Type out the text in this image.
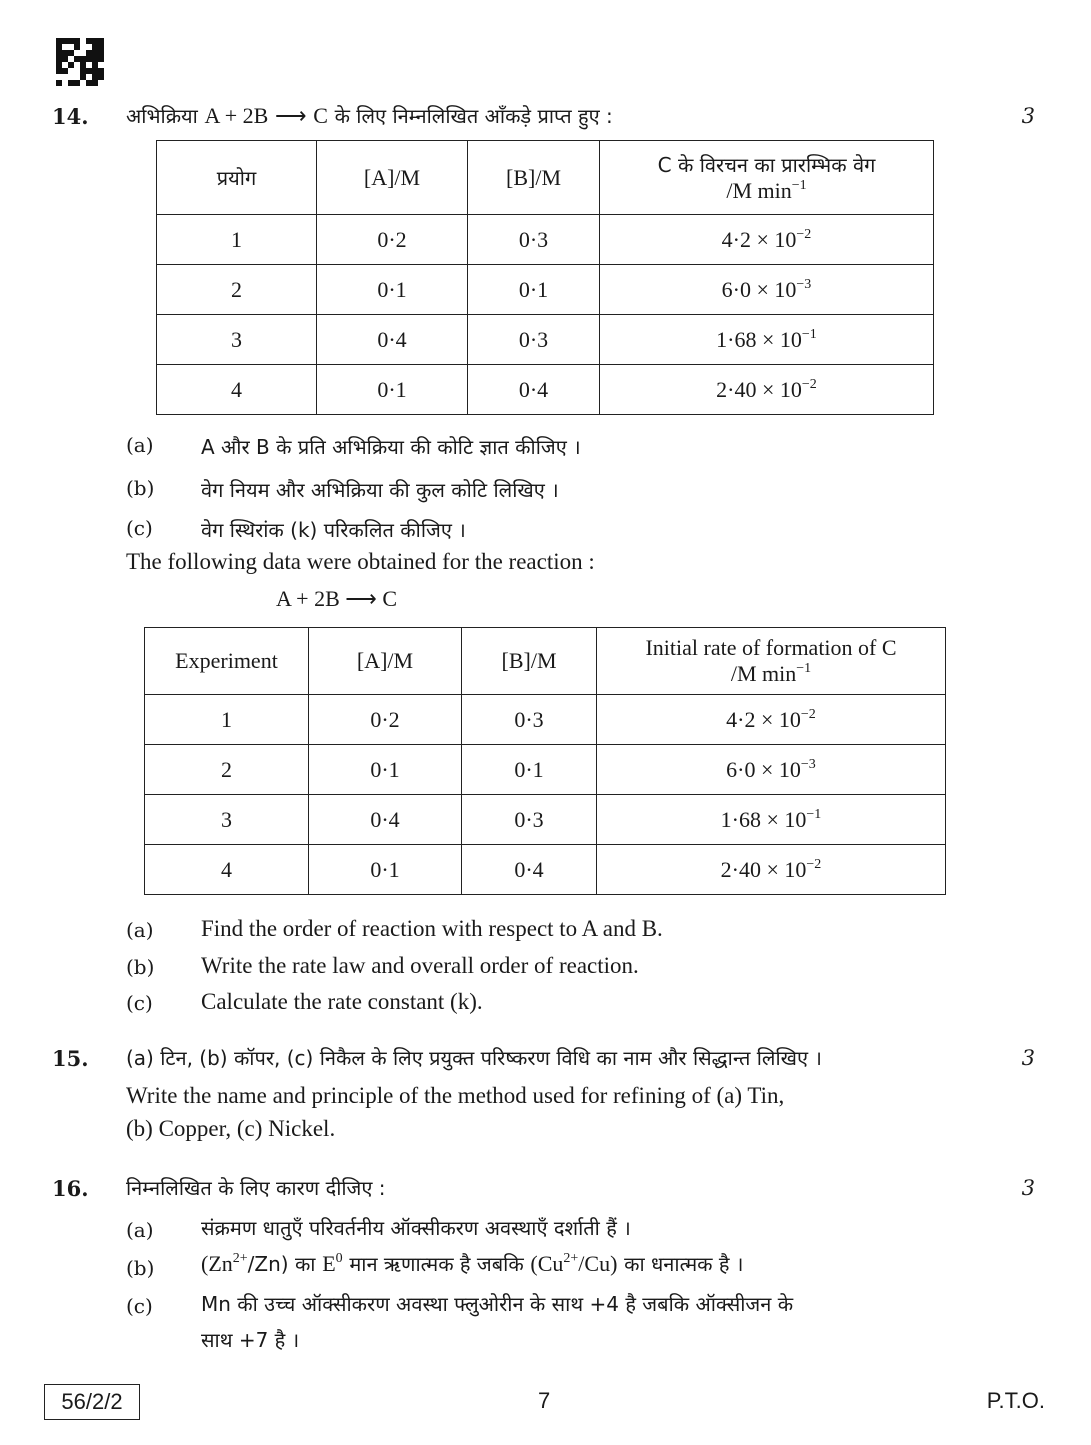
14.	3
अभिक्रिया A + 2B ⟶ C के लिए निम्नलिखित आँकड़े प्राप्त हुए :
प्रयोग	[A]/M	[B]/M	C के विरचन का प्रारम्भिक वेग
/M $\min^{-1}$

1	0·2	0·3	$4\cdot 2 \times 10^{-2}$
2	0·1	0·1	$6\cdot 0 \times 10^{-3}$
3	0·4	0·3	$1\cdot 68 \times 10^{-1}$
4	0·1	0·4	$2\cdot 40 \times 10^{-2}$
(a) A और B के प्रति अभिक्रिया की कोटि ज्ञात कीजिए ।
(b) वेग नियम और अभिक्रिया की कुल कोटि लिखिए ।
(c) वेग स्थिरांक (k) परिकलित कीजिए ।
The following data were obtained for the reaction :
A + 2B ⟶ C
Experiment	[A]/M	[B]/M	Initial rate of formation of C
/M $\min^{-1}$

1	0·2	0·3	$4\cdot 2 \times 10^{-2}$
2	0·1	0·1	$6\cdot 0 \times 10^{-3}$
3	0·4	0·3	$1\cdot 68 \times 10^{-1}$
4	0·1	0·4	$2\cdot 40 \times 10^{-2}$
(a) Find the order of reaction with respect to A and B.
(b) Write the rate law and overall order of reaction.
(c) Calculate the rate constant (k).
15.	3
(a) टिन, (b) कॉपर, (c) निकैल के लिए प्रयुक्त परिष्करण विधि का नाम और सिद्धान्त लिखिए ।
Write the name and principle of the method used for refining of (a) Tin,
(b) Copper, (c) Nickel.
16.	3
निम्नलिखित के लिए कारण दीजिए :
(a) संक्रमण धातुएँ परिवर्तनीय ऑक्सीकरण अवस्थाएँ दर्शाती हैं ।
(b) $(Zn^{2+}/Zn)$ का $E^0$ मान ऋणात्मक है जबकि $(Cu^{2+}/Cu)$ का धनात्मक है ।
(c) Mn की उच्च ऑक्सीकरण अवस्था फ्लुओरीन के साथ +4 है जबकि ऑक्सीजन के
साथ +7 है ।
56/2/2	7	P.T.O.
